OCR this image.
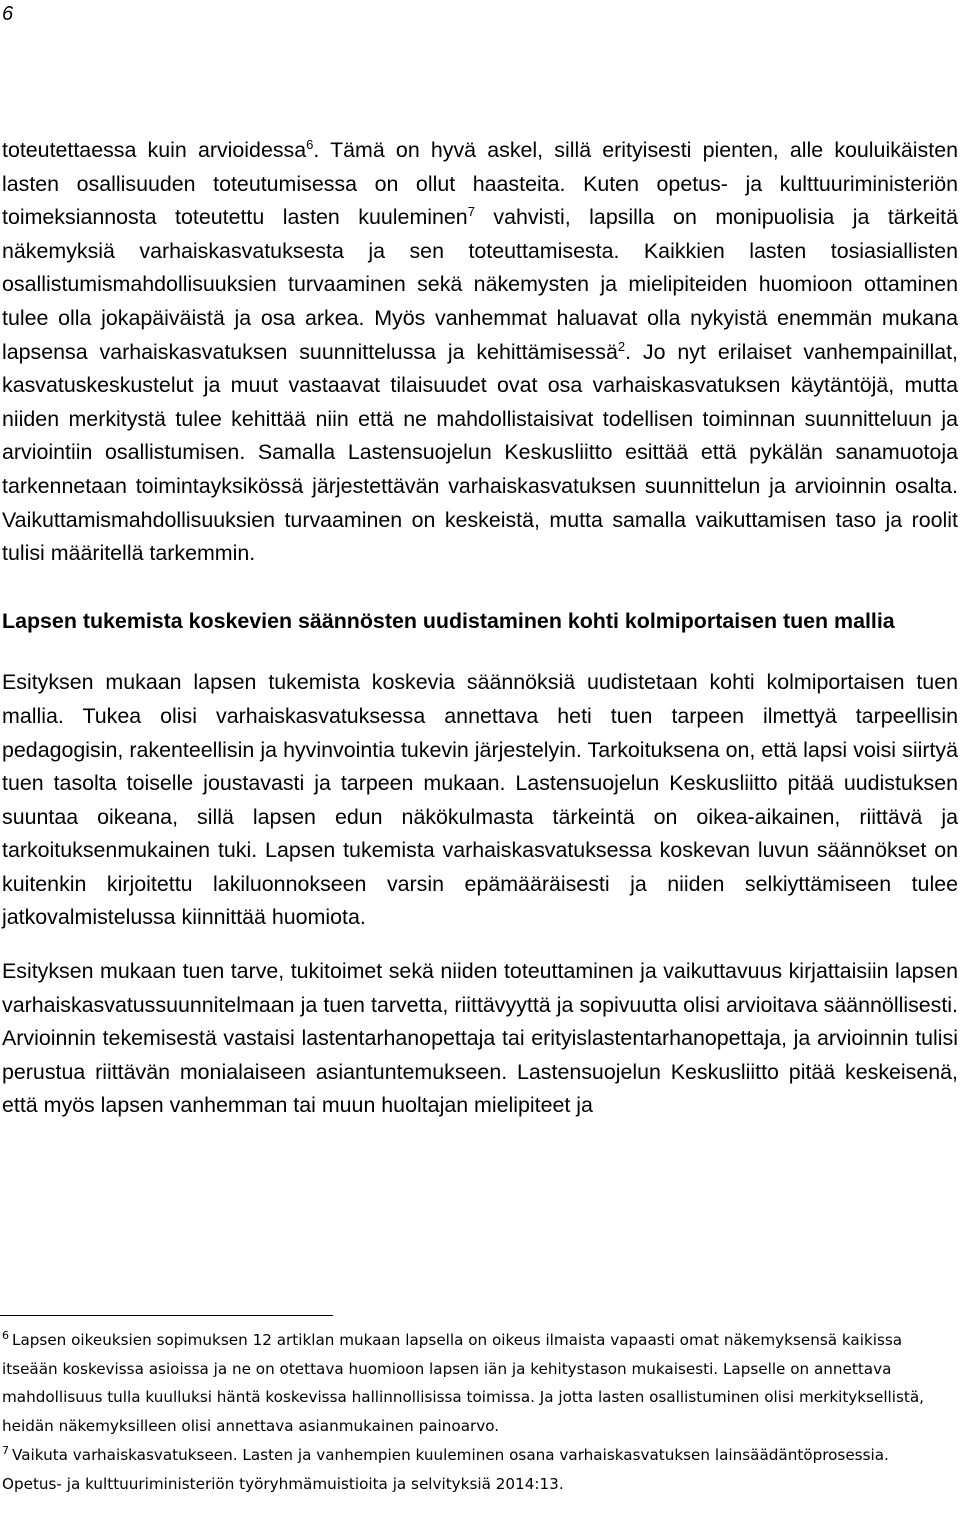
6

toteutettaessa kuin arvioidessa$^6$. Tämä on hyvä askel, sillä erityisesti pienten, alle kouluikäisten lasten osallisuuden toteutumisessa on ollut haasteita. Kuten opetus- ja kulttuuriministeriön toimeksiannosta toteutettu lasten kuuleminen$^7$ vahvisti, lapsilla on monipuolisia ja tärkeitä näkemyksiä varhaiskasvatuksesta ja sen toteuttamisesta. Kaikkien lasten tosiasiallisten osallistumismahdollisuuksien turvaaminen sekä näkemysten ja mielipiteiden huomioon ottaminen tulee olla jokapäiväistä ja osa arkea. Myös vanhemmat haluavat olla nykyistä enemmän mukana lapsensa varhaiskasvatuksen suunnittelussa ja kehittämisessä$^2$. Jo nyt erilaiset vanhempainillat, kasvatuskeskustelut ja muut vastaavat tilaisuudet ovat osa varhaiskasvatuksen käytäntöjä, mutta niiden merkitystä tulee kehittää niin että ne mahdollistaisivat todellisen toiminnan suunnitteluun ja arviointiin osallistumisen. Samalla Lastensuojelun Keskusliitto esittää että pykälän sanamuotoja tarkennetaan toimintayksikössä järjestettävän varhaiskasvatuksen suunnittelun ja arvioinnin osalta. Vaikuttamismahdollisuuksien turvaaminen on keskeistä, mutta samalla vaikuttamisen taso ja roolit tulisi määritellä tarkemmin.

Lapsen tukemista koskevien säännösten uudistaminen kohti kolmiportaisen tuen mallia

Esityksen mukaan lapsen tukemista koskevia säännöksiä uudistetaan kohti kolmiportaisen tuen mallia. Tukea olisi varhaiskasvatuksessa annettava heti tuen tarpeen ilmettyä tarpeellisin pedagogisin, rakenteellisin ja hyvinvointia tukevin järjestelyin. Tarkoituksena on, että lapsi voisi siirtyä tuen tasolta toiselle joustavasti ja tarpeen mukaan. Lastensuojelun Keskusliitto pitää uudistuksen suuntaa oikeana, sillä lapsen edun näkökulmasta tärkeintä on oikea-aikainen, riittävä ja tarkoituksenmukainen tuki. Lapsen tukemista varhaiskasvatuksessa koskevan luvun säännökset on kuitenkin kirjoitettu lakiluonnokseen varsin epämääräisesti ja niiden selkiyttämiseen tulee jatkovalmistelussa kiinnittää huomiota.

Esityksen mukaan tuen tarve, tukitoimet sekä niiden toteuttaminen ja vaikuttavuus kirjattaisiin lapsen varhaiskasvatussuunnitelmaan ja tuen tarvetta, riittävyyttä ja sopivuutta olisi arvioitava säännöllisesti. Arvioinnin tekemisestä vastaisi lastentarhanopettaja tai erityislastentarhanopettaja, ja arvioinnin tulisi perustua riittävän monialaiseen asiantuntemukseen. Lastensuojelun Keskusliitto pitää keskeisenä, että myös lapsen vanhemman tai muun huoltajan mielipiteet ja

$^6$ Lapsen oikeuksien sopimuksen 12 artiklan mukaan lapsella on oikeus ilmaista vapaasti omat näkemyksensä kaikissa itseään koskevissa asioissa ja ne on otettava huomioon lapsen iän ja kehitystason mukaisesti. Lapselle on annettava mahdollisuus tulla kuulluksi häntä koskevissa hallinnollisissa toimissa. Ja jotta lasten osallistuminen olisi merkityksellistä, heidän näkemyksilleen olisi annettava asianmukainen painoarvo.

$^7$ Vaikuta varhaiskasvatukseen. Lasten ja vanhempien kuuleminen osana varhaiskasvatuksen lainsäädäntöprosessia. Opetus- ja kulttuuriministeriön työryhmämuistioita ja selvityksiä 2014:13.
